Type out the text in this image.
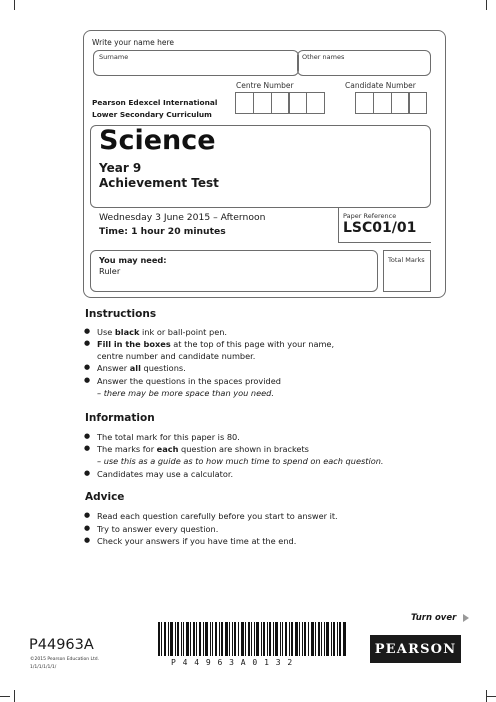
Write your name here
Surname	Other names
Centre Number	Candidate Number
Pearson Edexcel International
Lower Secondary Curriculum
Science
Year 9
Achievement Test
Wednesday 3 June 2015 – Afternoon
Time: 1 hour 20 minutes
Paper Reference
LSC01/01
You may need:
Ruler
Total Marks
Instructions
● Use black ink or ball-point pen.
● Fill in the boxes at the top of this page with your name,
centre number and candidate number.
● Answer all questions.
● Answer the questions in the spaces provided
– there may be more space than you need.
Information
● The total mark for this paper is 80.
● The marks for each question are shown in brackets
– use this as a guide as to how much time to spend on each question.
● Candidates may use a calculator.
Advice
● Read each question carefully before you start to answer it.
● Try to answer every question.
● Check your answers if you have time at the end.
Turn over
P44963A
©2015 Pearson Education Ltd.
1/1/1/1/1/1/
P 4 4 9 6 3 A 0 1 3 2
PEARSON
